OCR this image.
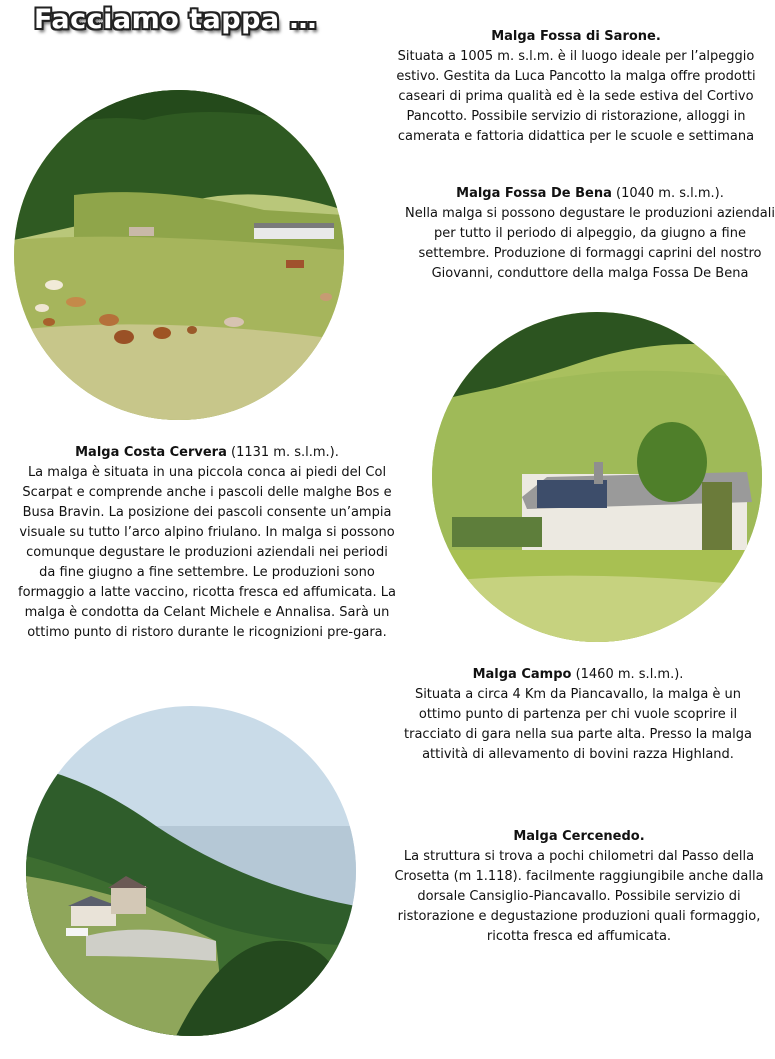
Facciamo tappa …
Malga Fossa di Sarone.
Situata a 1005 m. s.l.m. è il luogo ideale per l’alpeggio estivo. Gestita da Luca Pancotto la malga offre prodotti caseari di prima qualità ed è la sede estiva del Cortivo Pancotto. Possibile servizio di ristorazione, alloggi in camerata e fattoria didattica per le scuole e settimana
Malga Fossa De Bena (1040 m. s.l.m.).
Nella malga si possono degustare le produzioni aziendali per tutto il periodo di alpeggio, da giugno a fine settembre. Produzione di formaggi caprini del nostro Giovanni, conduttore della malga Fossa De Bena
Malga Costa Cervera (1131 m. s.l.m.).
La malga è situata in una piccola conca ai piedi del Col Scarpat e comprende anche i pascoli delle malghe Bos e Busa Bravin. La posizione dei pascoli consente un’ampia visuale su tutto l’arco alpino friulano. In malga si possono comunque degustare le produzioni aziendali nei periodi da fine giugno a fine settembre. Le produzioni sono formaggio a latte vaccino, ricotta fresca ed affumicata. La malga è condotta da Celant Michele e Annalisa. Sarà un ottimo punto di ristoro durante le ricognizioni pre-gara.
Malga Campo (1460 m. s.l.m.).
Situata a circa 4 Km da Piancavallo, la malga è un ottimo punto di partenza per chi vuole scoprire il tracciato di gara nella sua parte alta. Presso la malga attività di allevamento di bovini razza Highland.
Malga Cercenedo.
La struttura si trova a pochi chilometri dal Passo della Crosetta (m 1.118). facilmente raggiungibile anche dalla dorsale Cansiglio-Piancavallo. Possibile servizio di ristorazione e degustazione produzioni quali formaggio, ricotta fresca ed affumicata.
